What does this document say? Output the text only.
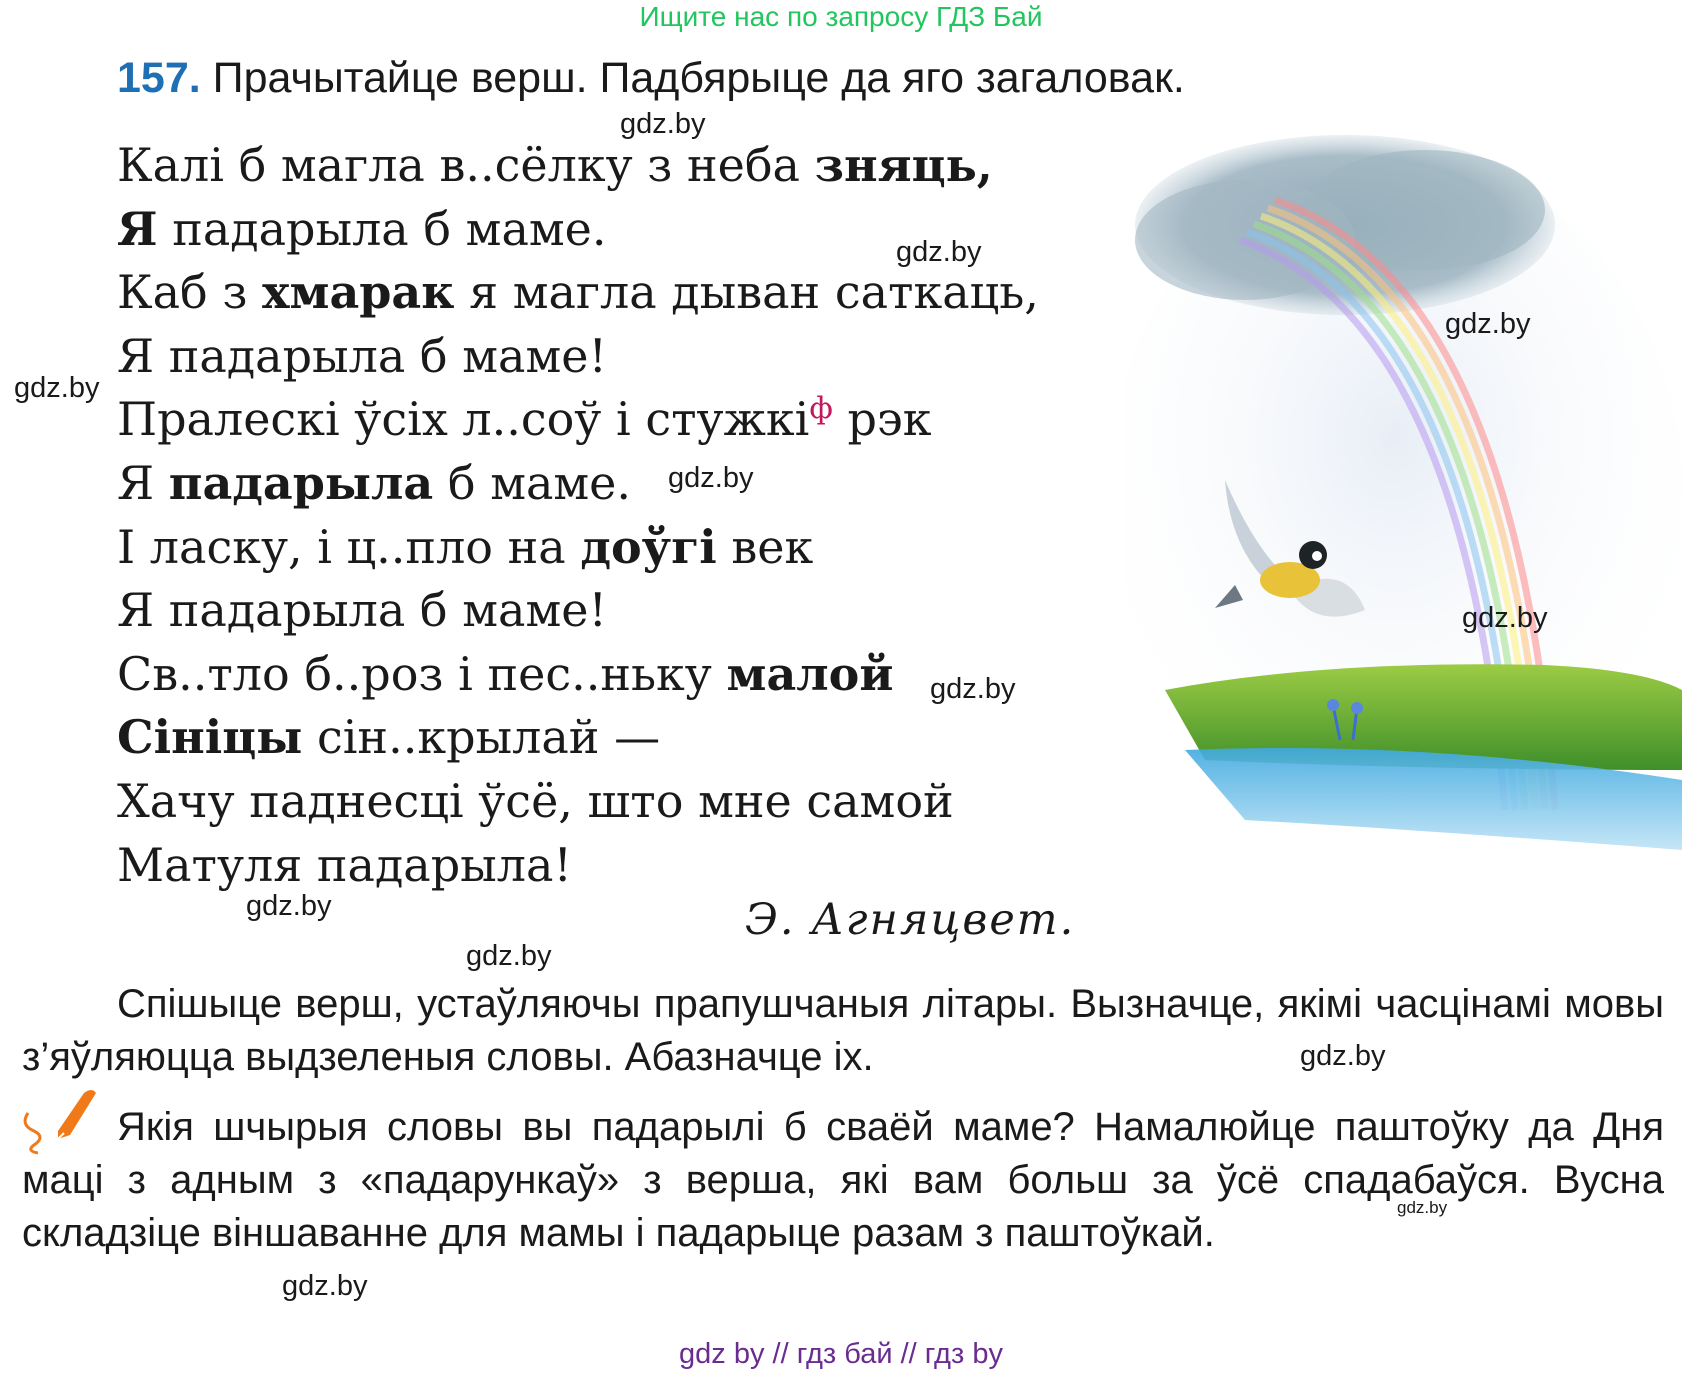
Ищите нас по запросу ГДЗ Бай
157. Прачытайце верш. Падбярыце да яго загаловак.
Калі б магла в..сёлку з неба зняць,
Я падарыла б маме.
Каб з хмарак я магла дыван саткаць,
Я падарыла б маме!
Пралескі ўсіх л..соў і стужкі$^ф$ рэк
Я падарыла б маме.
І ласку, і ц..пло на доўгі век
Я падарыла б маме!
Св..тло б..роз і пес..ньку малой
Сініцы сін..крылай —
Хачу паднесці ўсё, што мне самой
Матуля падарыла!
Э. Агняцвет.
Спішыце верш, устаўляючы прапушчаныя літары. Вызначце, якімі часцінамі мовы з’яўляюцца выдзеленыя словы. Абазначце іх.
Якія шчырыя словы вы падарылі б сваёй маме? Намалюйце паштоўку да Дня маці з адным з «падарункаў» з верша, які вам больш за ўсё спадабаўся. Вусна складзіце віншаванне для мамы і падарыце разам з паштоўкай.
gdz.by
gdz.by
gdz.by
gdz.by
gdz.by
gdz.by
gdz.by
gdz.by
gdz.by
gdz.by
gdz.by
gdz.by
gdz by // гдз бай // гдз by
